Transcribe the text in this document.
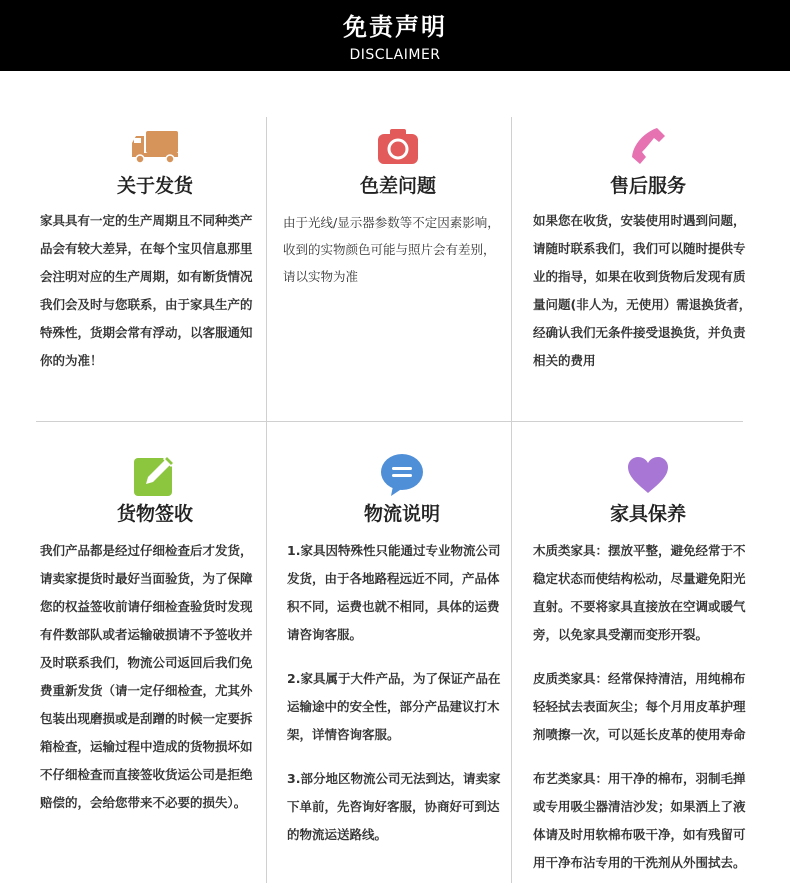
免责声明
DISCLAIMER
关于发货
家具具有一定的生产周期且不同种类产
品会有较大差异，在每个宝贝信息那里
会注明对应的生产周期，如有断货情况
我们会及时与您联系，由于家具生产的
特殊性，货期会常有浮动，以客服通知
你的为准！
色差问题
由于光线/显示器参数等不定因素影响，
收到的实物颜色可能与照片会有差别，
请以实物为准
售后服务
如果您在收货，安装使用时遇到问题，
请随时联系我们，我们可以随时提供专
业的指导，如果在收到货物后发现有质
量问题(非人为，无使用）需退换货者，
经确认我们无条件接受退换货，并负责
相关的费用
货物签收
我们产品都是经过仔细检查后才发货，
请卖家提货时最好当面验货，为了保障
您的权益签收前请仔细检查验货时发现
有件数部队或者运输破损请不予签收并
及时联系我们，物流公司返回后我们免
费重新发货（请一定仔细检查，尤其外
包装出现磨损或是刮蹭的时候一定要拆
箱检查，运输过程中造成的货物损坏如
不仔细检查而直接签收货运公司是拒绝
赔偿的，会给您带来不必要的损失）。
物流说明
1.家具因特殊性只能通过专业物流公司
发货，由于各地路程远近不同，产品体
积不同，运费也就不相同，具体的运费
请咨询客服。
2.家具属于大件产品，为了保证产品在
运输途中的安全性，部分产品建议打木
架，详情咨询客服。
3.部分地区物流公司无法到达，请卖家
下单前，先咨询好客服，协商好可到达
的物流运送路线。
家具保养
木质类家具：摆放平整，避免经常于不
稳定状态而使结构松动，尽量避免阳光
直射。不要将家具直接放在空调或暖气
旁，以免家具受潮而变形开裂。
皮质类家具：经常保持清洁，用纯棉布
轻轻拭去表面灰尘；每个月用皮革护理
剂喷擦一次，可以延长皮革的使用寿命
布艺类家具：用干净的棉布，羽制毛掸
或专用吸尘器清洁沙发；如果洒上了液
体请及时用软棉布吸干净，如有残留可
用干净布沾专用的干洗剂从外围拭去。
